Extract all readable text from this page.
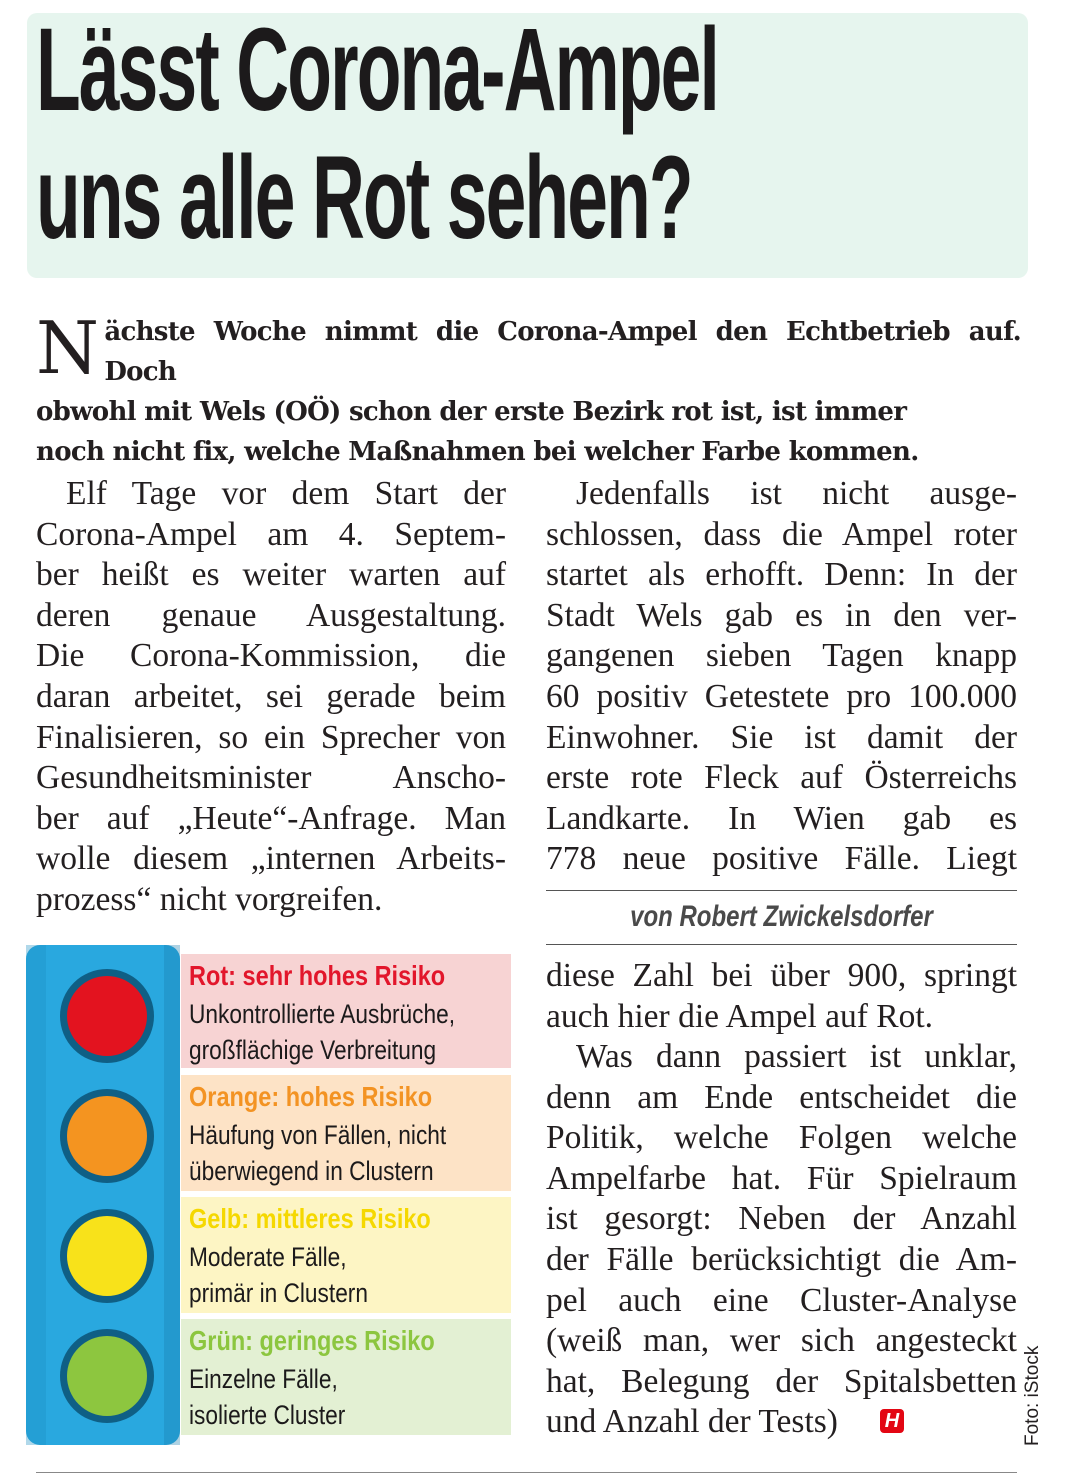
Lässt Corona-Ampel
uns alle Rot sehen?
N ächste Woche nimmt die Corona-Ampel den Echtbetrieb auf. Doch
obwohl mit Wels (OÖ) schon der erste Bezirk rot ist, ist immer
noch nicht fix, welche Maßnahmen bei welcher Farbe kommen.
Elf Tage vor dem Start der
Corona-Ampel am 4. Septem-
ber heißt es weiter warten auf
deren genaue Ausgestaltung.
Die Corona-Kommission, die
daran arbeitet, sei gerade beim
Finalisieren, so ein Sprecher von
Gesundheitsminister Anscho-
ber auf „Heute“-Anfrage. Man
wolle diesem „internen Arbeits-
prozess“ nicht vorgreifen.
Jedenfalls ist nicht ausge-
schlossen, dass die Ampel roter
startet als erhofft. Denn: In der
Stadt Wels gab es in den ver-
gangenen sieben Tagen knapp
60 positiv Getestete pro 100.000
Einwohner. Sie ist damit der
erste rote Fleck auf Österreichs
Landkarte. In Wien gab es
778 neue positive Fälle. Liegt
von Robert Zwickelsdorfer
diese Zahl bei über 900, springt
auch hier die Ampel auf Rot.
Was dann passiert ist unklar,
denn am Ende entscheidet die
Politik, welche Folgen welche
Ampelfarbe hat. Für Spielraum
ist gesorgt: Neben der Anzahl
der Fälle berücksichtigt die Am-
pel auch eine Cluster-Analyse
(weiß man, wer sich angesteckt
hat, Belegung der Spitalsbetten
und Anzahl der Tests)	H
Rot: sehr hohes Risiko
Unkontrollierte Ausbrüche,
großflächige Verbreitung
Orange: hohes Risiko
Häufung von Fällen, nicht
überwiegend in Clustern
Gelb: mittleres Risiko
Moderate Fälle,
primär in Clustern
Grün: geringes Risiko
Einzelne Fälle,
isolierte Cluster	Foto: iStock
